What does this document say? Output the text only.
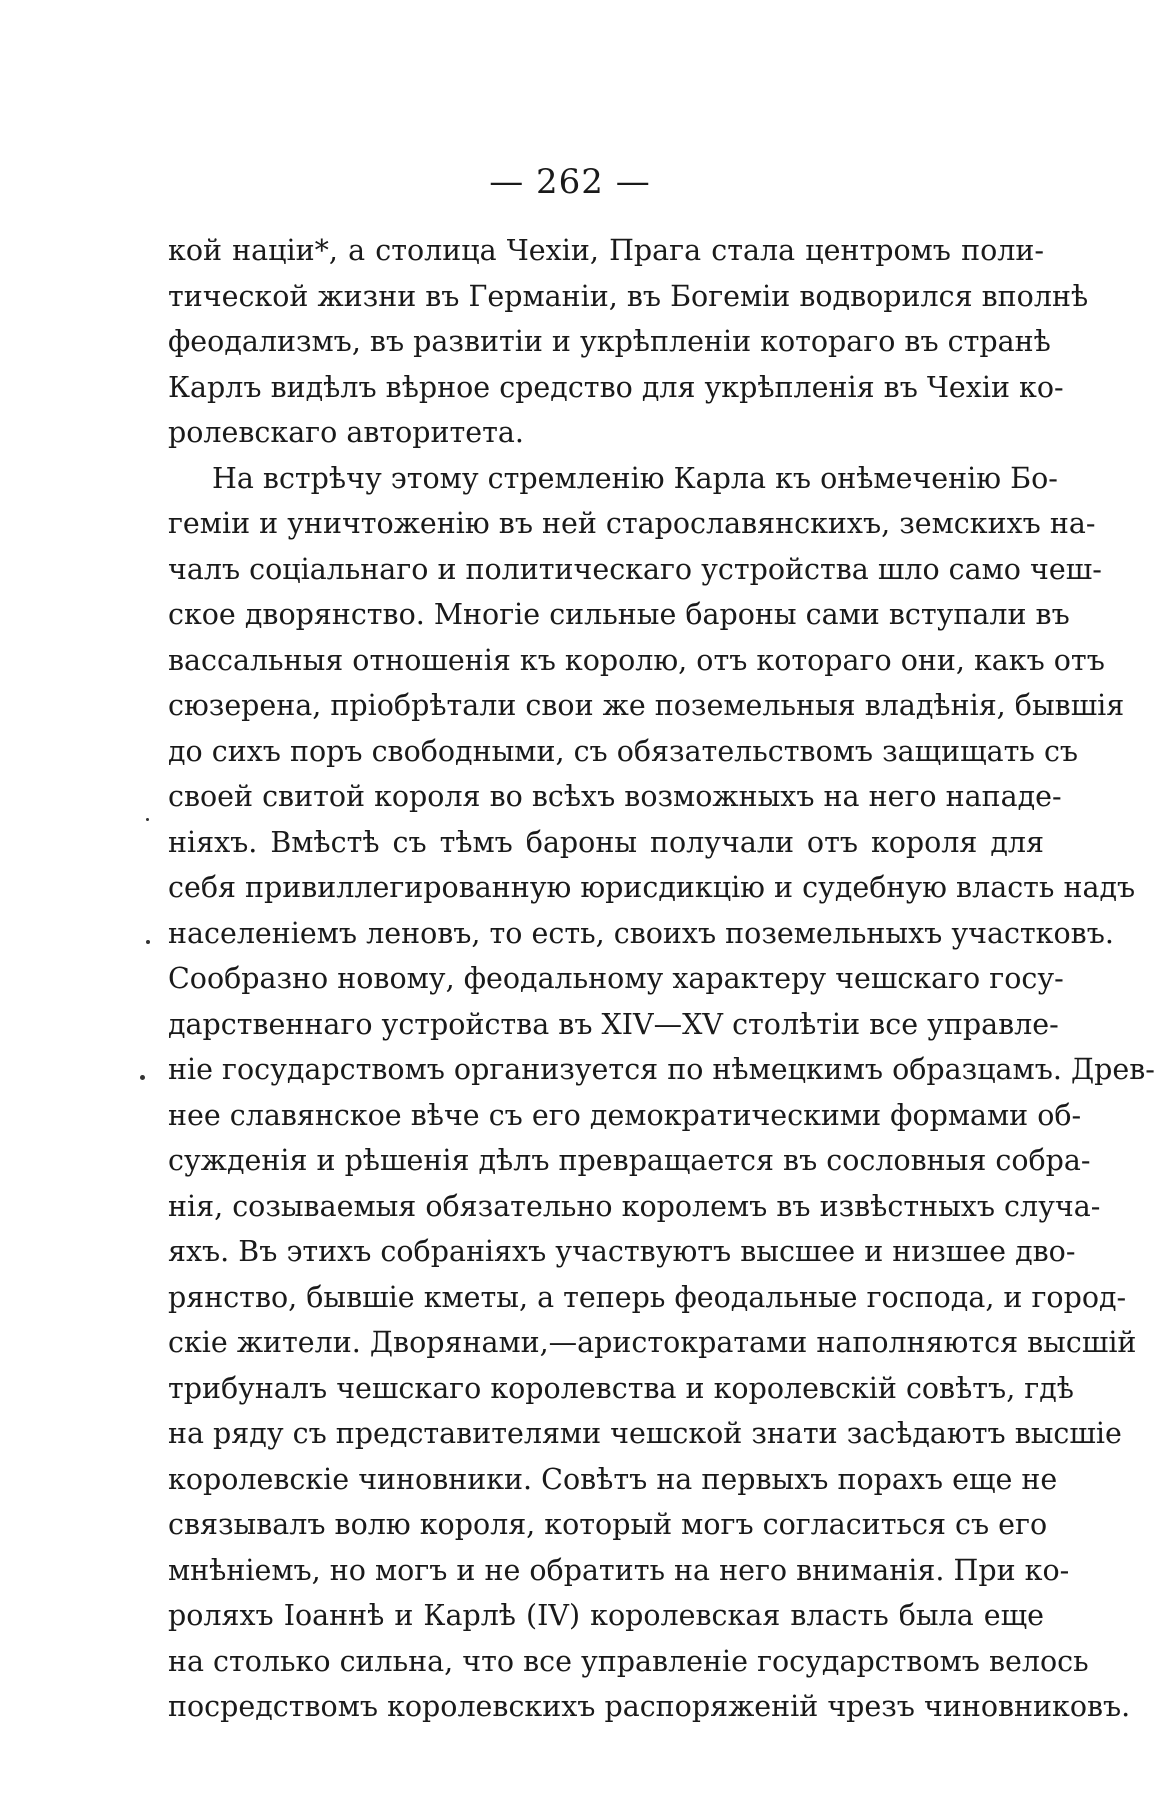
— 262 —
кой націи*, а столица Чехіи, Прага стала центромъ поли-
тической жизни въ Германіи, въ Богеміи водворился вполнѣ
феодализмъ, въ развитіи и укрѣпленіи котораго въ странѣ
Карлъ видѣлъ вѣрное средство для укрѣпленія въ Чехіи ко-
ролевскаго авторитета.
На встрѣчу этому стремленію Карла къ онѣмеченію Бо-
геміи и уничтоженію въ ней старославянскихъ, земскихъ на-
чалъ соціальнаго и политическаго устройства шло само чеш-
ское дворянство. Многіе сильные бароны сами вступали въ
вассальныя отношенія къ королю, отъ котораго они, какъ отъ
сюзерена, пріобрѣтали свои же поземельныя владѣнія, бывшія
до сихъ поръ свободными, съ обязательствомъ защищать съ
своей свитой короля во всѣхъ возможныхъ на него нападе-
ніяхъ. Вмѣстѣ съ тѣмъ бароны получали отъ короля для
себя привиллегированную юрисдикцію и судебную власть надъ
населеніемъ леновъ, то есть, своихъ поземельныхъ участковъ.
Сообразно новому, феодальному характеру чешскаго госу-
дарственнаго устройства въ XIV—XV столѣтіи все управле-
ніе государствомъ организуется по нѣмецкимъ образцамъ. Древ-
нее славянское вѣче съ его демократическими формами об-
сужденія и рѣшенія дѣлъ превращается въ сословныя собра-
нія, созываемыя обязательно королемъ въ извѣстныхъ случа-
яхъ. Въ этихъ собраніяхъ участвуютъ высшее и низшее дво-
рянство, бывшіе кметы, а теперь феодальные господа, и город-
скіе жители. Дворянами,—аристократами наполняются высшій
трибуналъ чешскаго королевства и королевскій совѣтъ, гдѣ
на ряду съ представителями чешской знати засѣдаютъ высшіе
королевскіе чиновники. Совѣтъ на первыхъ порахъ еще не
связывалъ волю короля, который могъ согласиться съ его
мнѣніемъ, но могъ и не обратить на него вниманія. При ко-
роляхъ Іоаннѣ и Карлѣ (IV) королевская власть была еще
на столько сильна, что все управленіе государствомъ велось
посредствомъ королевскихъ распоряженій чрезъ чиновниковъ.
